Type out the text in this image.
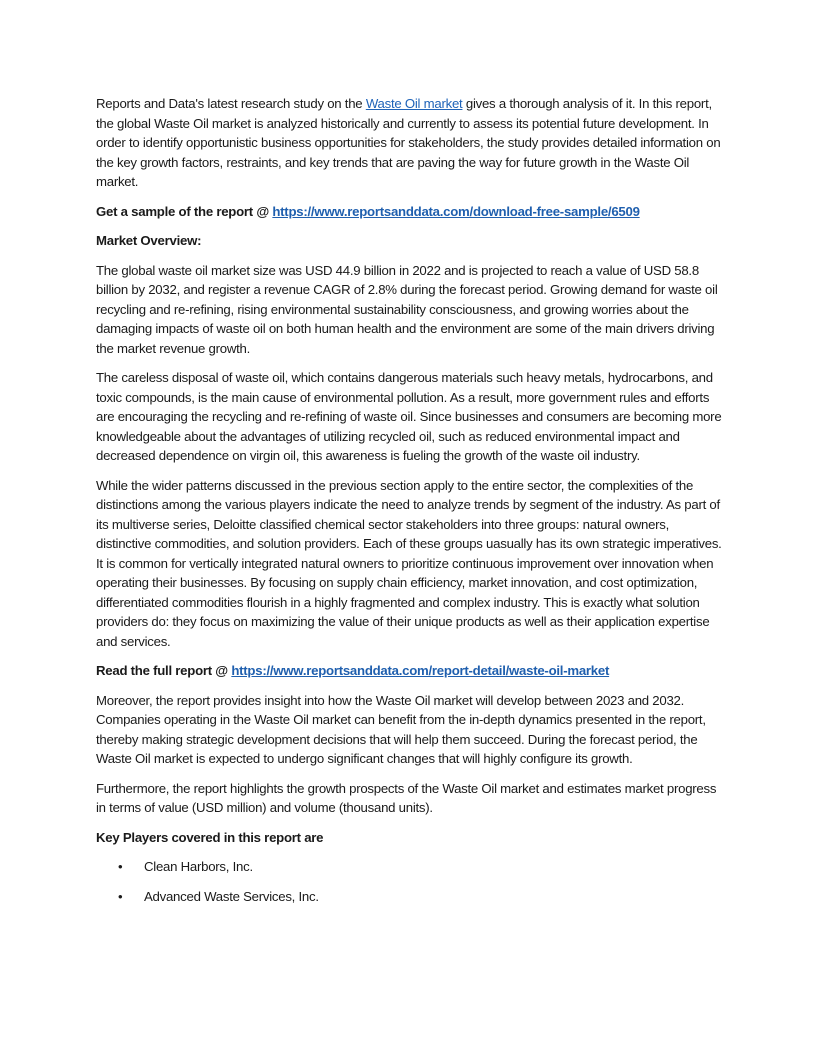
Reports and Data's latest research study on the Waste Oil market gives a thorough analysis of it. In this report, the global Waste Oil market is analyzed historically and currently to assess its potential future development. In order to identify opportunistic business opportunities for stakeholders, the study provides detailed information on the key growth factors, restraints, and key trends that are paving the way for future growth in the Waste Oil market.

Get a sample of the report @ https://www.reportsanddata.com/download-free-sample/6509

Market Overview:

The global waste oil market size was USD 44.9 billion in 2022 and is projected to reach a value of USD 58.8 billion by 2032, and register a revenue CAGR of 2.8% during the forecast period. Growing demand for waste oil recycling and re-refining, rising environmental sustainability consciousness, and growing worries about the damaging impacts of waste oil on both human health and the environment are some of the main drivers driving the market revenue growth.

The careless disposal of waste oil, which contains dangerous materials such heavy metals, hydrocarbons, and toxic compounds, is the main cause of environmental pollution. As a result, more government rules and efforts are encouraging the recycling and re-refining of waste oil. Since businesses and consumers are becoming more knowledgeable about the advantages of utilizing recycled oil, such as reduced environmental impact and decreased dependence on virgin oil, this awareness is fueling the growth of the waste oil industry.

While the wider patterns discussed in the previous section apply to the entire sector, the complexities of the distinctions among the various players indicate the need to analyze trends by segment of the industry. As part of its multiverse series, Deloitte classified chemical sector stakeholders into three groups: natural owners, distinctive commodities, and solution providers. Each of these groups uasually has its own strategic imperatives. It is common for vertically integrated natural owners to prioritize continuous improvement over innovation when operating their businesses. By focusing on supply chain efficiency, market innovation, and cost optimization, differentiated commodities flourish in a highly fragmented and complex industry. This is exactly what solution providers do: they focus on maximizing the value of their unique products as well as their application expertise and services.

Read the full report @ https://www.reportsanddata.com/report-detail/waste-oil-market

Moreover, the report provides insight into how the Waste Oil market will develop between 2023 and 2032. Companies operating in the Waste Oil market can benefit from the in-depth dynamics presented in the report, thereby making strategic development decisions that will help them succeed. During the forecast period, the Waste Oil market is expected to undergo significant changes that will highly configure its growth.

Furthermore, the report highlights the growth prospects of the Waste Oil market and estimates market progress in terms of value (USD million) and volume (thousand units).

Key Players covered in this report are

• Clean Harbors, Inc.
• Advanced Waste Services, Inc.
